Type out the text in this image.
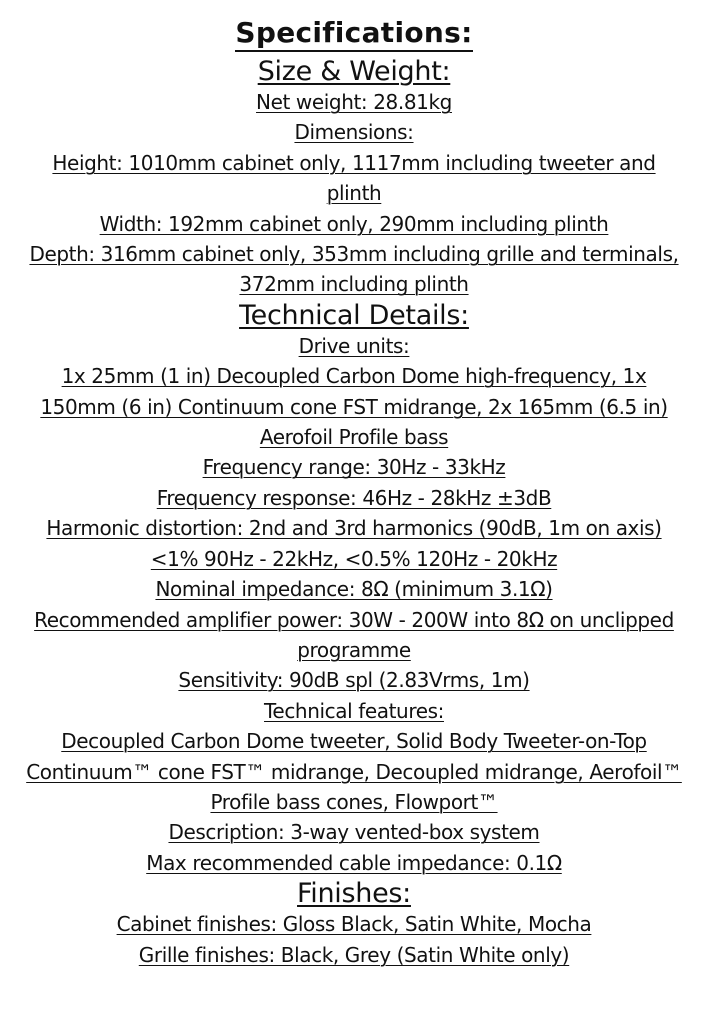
Specifications:
Size & Weight:

Net weight: 28.81kg

Dimensions:

Height: 1010mm cabinet only, 1117mm including tweeter and

plinth

Width: 192mm cabinet only, 290mm including plinth

Depth: 316mm cabinet only, 353mm including grille and terminals,

372mm including plinth

Technical Details:

Drive units:

1x 25mm (1 in) Decoupled Carbon Dome high-frequency, 1x

150mm (6 in) Continuum cone FST midrange, 2x 165mm (6.5 in)

Aerofoil Profile bass

Frequency range: 30Hz - 33kHz

Frequency response: 46Hz - 28kHz ±3dB

Harmonic distortion: 2nd and 3rd harmonics (90dB, 1m on axis)

<1% 90Hz - 22kHz, <0.5% 120Hz - 20kHz

Nominal impedance: 8Ω (minimum 3.1Ω)

Recommended amplifier power: 30W - 200W into 8Ω on unclipped

programme

Sensitivity: 90dB spl (2.83Vrms, 1m)

Technical features:

Decoupled Carbon Dome tweeter, Solid Body Tweeter-on-Top

Continuum™ cone FST™ midrange, Decoupled midrange, Aerofoil™

Profile bass cones, Flowport™

Description: 3-way vented-box system

Max recommended cable impedance: 0.1Ω

Finishes:

Cabinet finishes: Gloss Black, Satin White, Mocha

Grille finishes: Black, Grey (Satin White only)
